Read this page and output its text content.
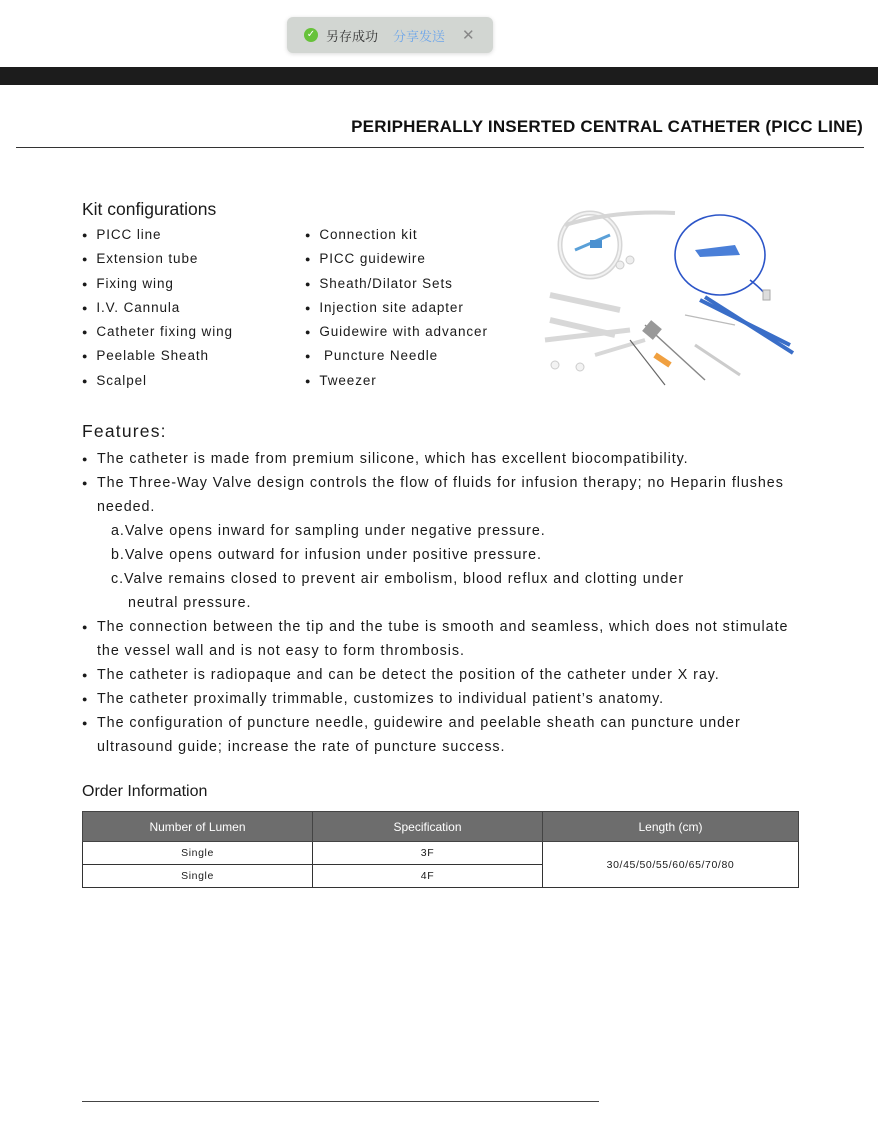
✓ 另存成功 分享发送 ✕
PERIPHERALLY INSERTED CENTRAL CATHETER (PICC LINE)
Kit configurations
● PICC line
● Extension tube
● Fixing wing
● I.V. Cannula
● Catheter fixing wing
● Peelable Sheath
● Scalpel
● Connection kit
● PICC guidewire
● Sheath/Dilator Sets
● Injection site adapter
● Guidewire with advancer
● Puncture Needle
● Tweezer
Features:
● The catheter is made from premium silicone, which has excellent biocompatibility.
● The Three-Way Valve design controls the flow of fluids for infusion therapy; no Heparin flushes needed.
a.Valve opens inward for sampling under negative pressure.
b.Valve opens outward for infusion under positive pressure.
c.Valve remains closed to prevent air embolism, blood reflux and clotting under
neutral pressure.
● The connection between the tip and the tube is smooth and seamless, which does not stimulate the vessel wall and is not easy to form thrombosis.
● The catheter is radiopaque and can be detect the position of the catheter under X ray.
● The catheter proximally trimmable, customizes to individual patient’s anatomy.
● The configuration of puncture needle, guidewire and peelable sheath can puncture under ultrasound guide; increase the rate of puncture success.
Order Information
Number of Lumen	Specification	Length (cm)
Single	3F	30/45/50/55/60/65/70/80
Single	4F	
